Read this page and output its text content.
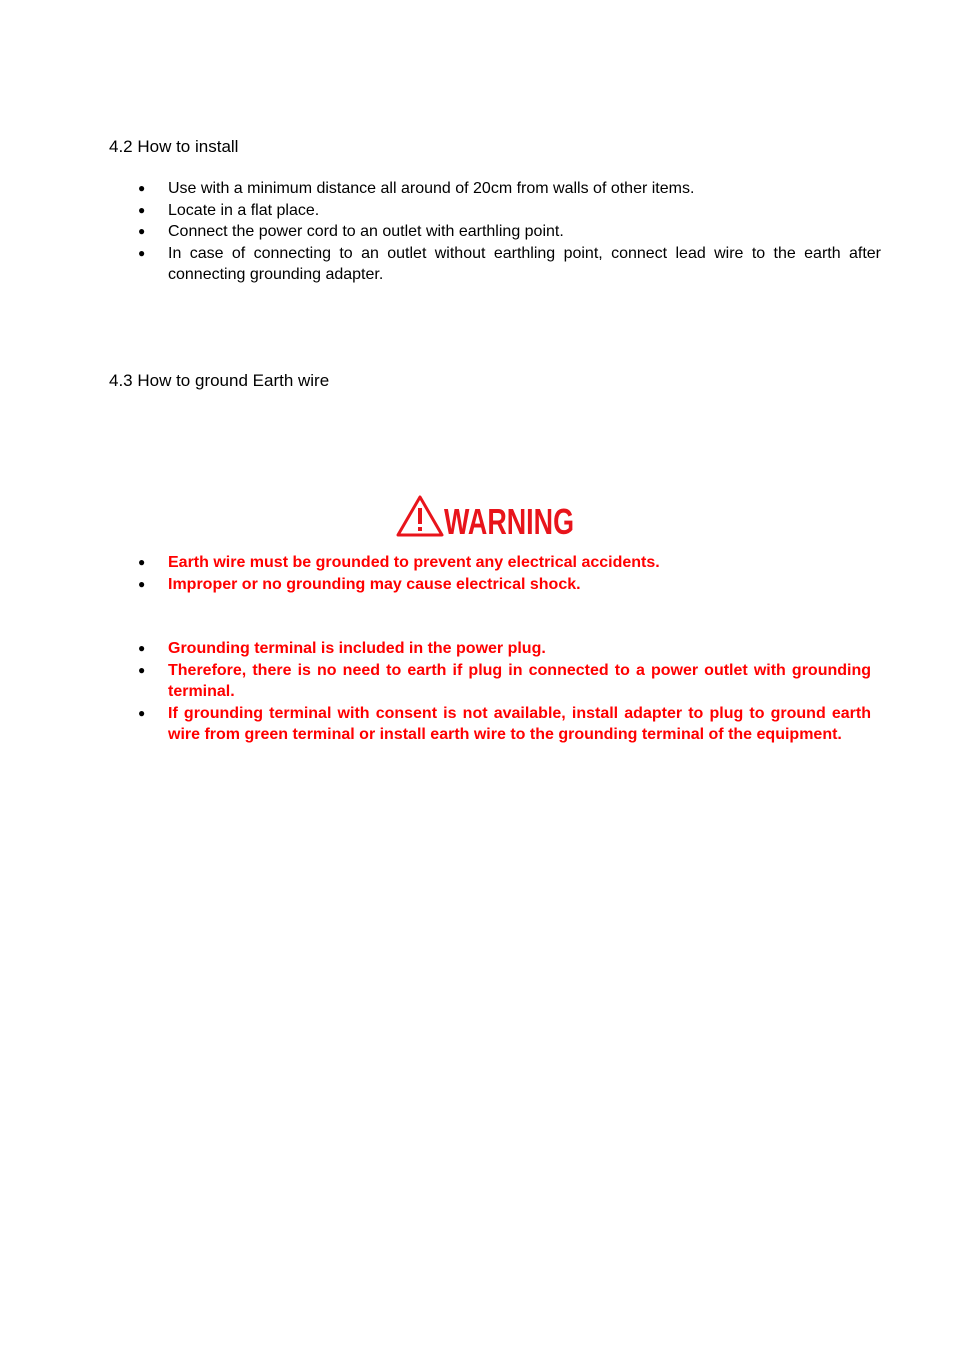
4.2 How to install
● Use with a minimum distance all around of 20cm from walls of other items.
● Locate in a flat place.
● Connect the power cord to an outlet with earthling point.
● In case of connecting to an outlet without earthling point, connect lead wire to the earth after connecting grounding adapter.
4.3 How to ground Earth wire
WARNING
● Earth wire must be grounded to prevent any electrical accidents.
● Improper or no grounding may cause electrical shock.
● Grounding terminal is included in the power plug.
● Therefore, there is no need to earth if plug in connected to a power outlet with grounding terminal.
● If grounding terminal with consent is not available, install adapter to plug to ground earth wire from green terminal or install earth wire to the grounding terminal of the equipment.
